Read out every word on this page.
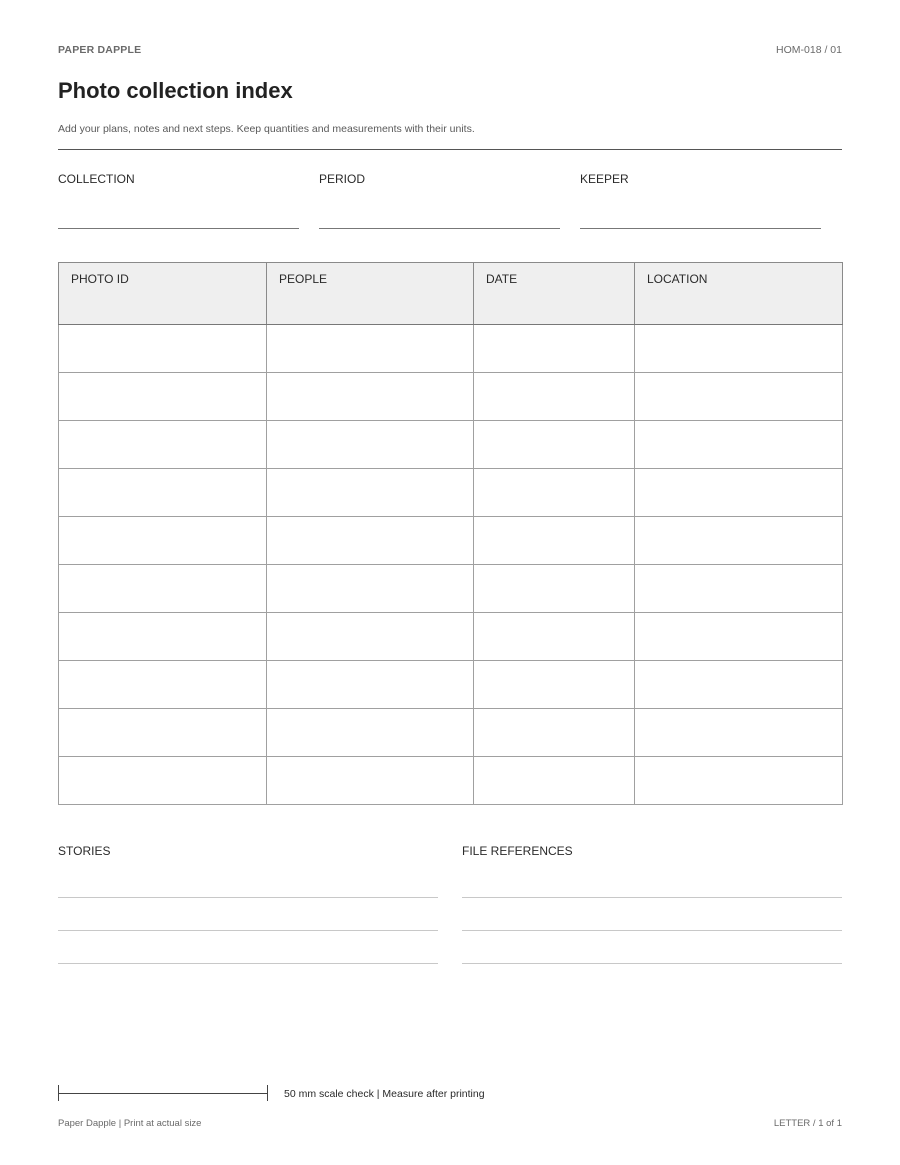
PAPER DAPPLE	HOM-018 / 01
Photo collection index
Add your plans, notes and next steps. Keep quantities and measurements with their units.
COLLECTION	PERIOD	KEEPER
PHOTO ID	PEOPLE	DATE	LOCATION

STORIES	FILE REFERENCES
50 mm scale check | Measure after printing
Paper Dapple | Print at actual size	LETTER / 1 of 1
